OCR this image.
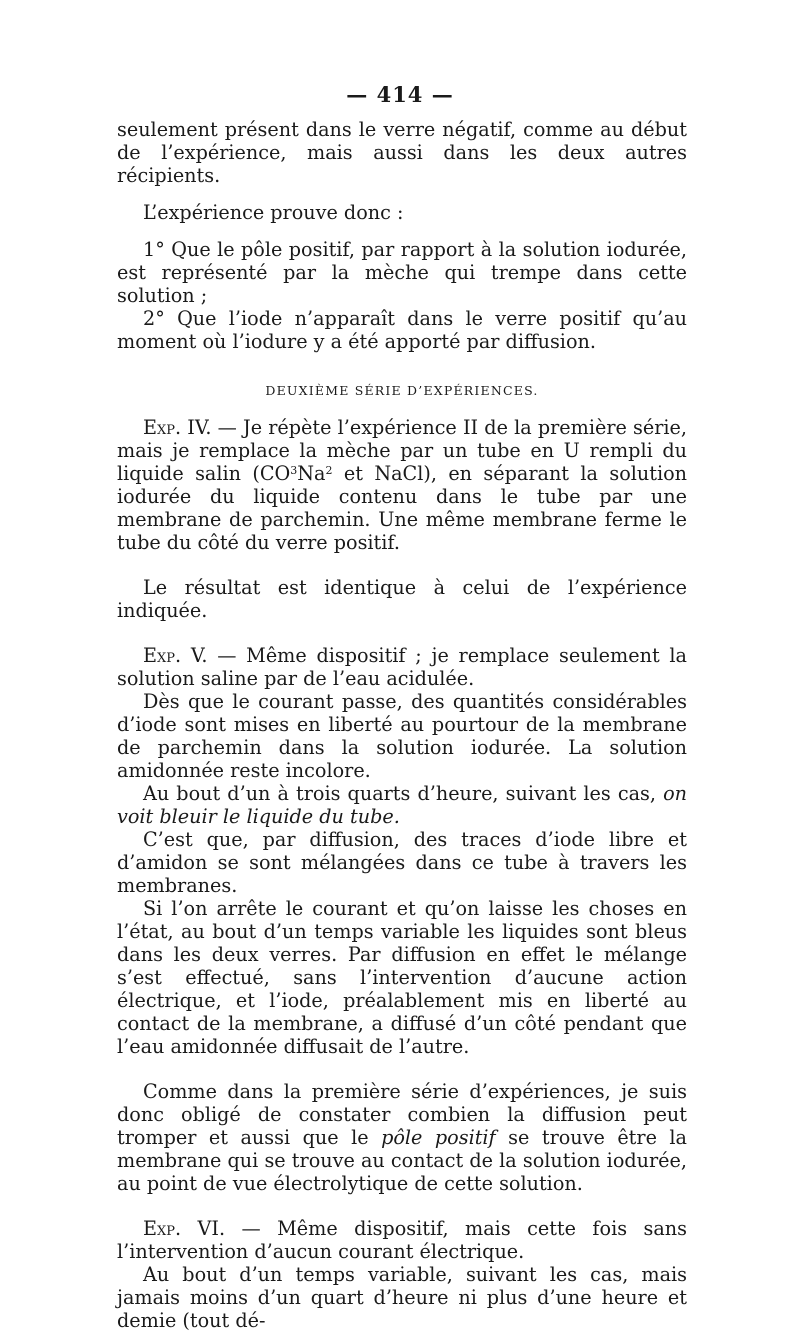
— 414 —

seulement présent dans le verre négatif, comme au début de l’expérience, mais aussi dans les deux autres récipients.

L’expérience prouve donc :

1° Que le pôle positif, par rapport à la solution iodurée, est représenté par la mèche qui trempe dans cette solution ;

2° Que l’iode n’apparaît dans le verre positif qu’au moment où l’iodure y a été apporté par diffusion.

DEUXIÈME SÉRIE D’EXPÉRIENCES.

Exp. IV. — Je répète l’expérience II de la première série, mais je remplace la mèche par un tube en U rempli du liquide salin ($CO^3Na^2$ et NaCl), en séparant la solution iodurée du liquide contenu dans le tube par une membrane de parchemin. Une même membrane ferme le tube du côté du verre positif.

Le résultat est identique à celui de l’expérience indiquée.

Exp. V. — Même dispositif ; je remplace seulement la solution saline par de l’eau acidulée.

Dès que le courant passe, des quantités considérables d’iode sont mises en liberté au pourtour de la membrane de parchemin dans la solution iodurée. La solution amidonnée reste incolore.

Au bout d’un à trois quarts d’heure, suivant les cas, on voit bleuir le liquide du tube.

C’est que, par diffusion, des traces d’iode libre et d’amidon se sont mélangées dans ce tube à travers les membranes.

Si l’on arrête le courant et qu’on laisse les choses en l’état, au bout d’un temps variable les liquides sont bleus dans les deux verres. Par diffusion en effet le mélange s’est effectué, sans l’intervention d’aucune action électrique, et l’iode, préalablement mis en liberté au contact de la membrane, a diffusé d’un côté pendant que l’eau amidonnée diffusait de l’autre.

Comme dans la première série d’expériences, je suis donc obligé de constater combien la diffusion peut tromper et aussi que le pôle positif se trouve être la membrane qui se trouve au contact de la solution iodurée, au point de vue électrolytique de cette solution.

Exp. VI. — Même dispositif, mais cette fois sans l’intervention d’aucun courant électrique.

Au bout d’un temps variable, suivant les cas, mais jamais moins d’un quart d’heure ni plus d’une heure et demie (tout dé-
